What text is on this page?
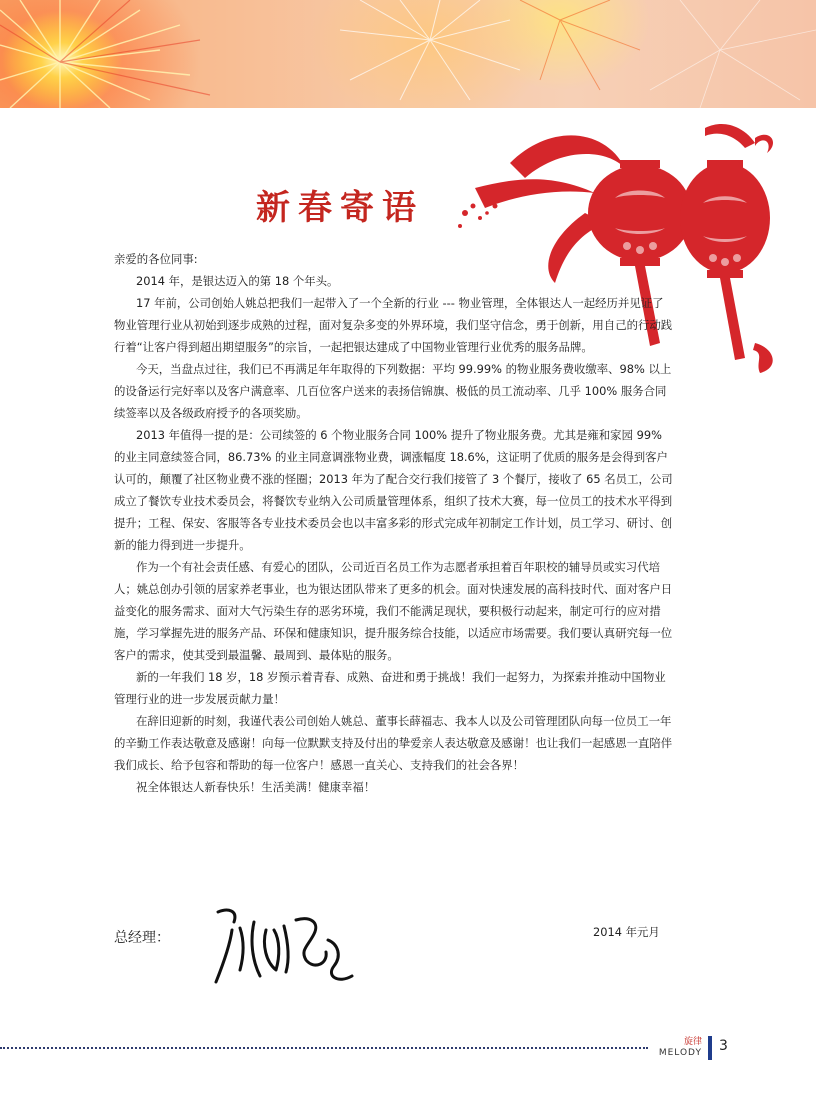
新春寄语

亲爱的各位同事:

2014 年，是银达迈入的第 18 个年头。

17 年前，公司创始人姚总把我们一起带入了一个全新的行业 --- 物业管理，全体银达人一起经历并见证了物业管理行业从初始到逐步成熟的过程，面对复杂多变的外界环境，我们坚守信念，勇于创新，用自己的行动践行着“让客户得到超出期望服务”的宗旨，一起把银达建成了中国物业管理行业优秀的服务品牌。

今天，当盘点过往，我们已不再满足年年取得的下列数据：平均 99.99% 的物业服务费收缴率、98% 以上的设备运行完好率以及客户满意率、几百位客户送来的表扬信锦旗、极低的员工流动率、几乎 100% 服务合同续签率以及各级政府授予的各项奖励。

2013 年值得一提的是：公司续签的 6 个物业服务合同 100% 提升了物业服务费。尤其是雍和家园 99% 的业主同意续签合同，86.73% 的业主同意调涨物业费，调涨幅度 18.6%，这证明了优质的服务是会得到客户认可的，颠覆了社区物业费不涨的怪圈；2013 年为了配合交行我们接管了 3 个餐厅，接收了 65 名员工，公司成立了餐饮专业技术委员会，将餐饮专业纳入公司质量管理体系，组织了技术大赛，每一位员工的技术水平得到提升；工程、保安、客服等各专业技术委员会也以丰富多彩的形式完成年初制定工作计划，员工学习、研讨、创新的能力得到进一步提升。

作为一个有社会责任感、有爱心的团队，公司近百名员工作为志愿者承担着百年职校的辅导员或实习代培人；姚总创办引领的居家养老事业，也为银达团队带来了更多的机会。面对快速发展的高科技时代、面对客户日益变化的服务需求、面对大气污染生存的恶劣环境，我们不能满足现状，要积极行动起来，制定可行的应对措施，学习掌握先进的服务产品、环保和健康知识，提升服务综合技能，以适应市场需要。我们要认真研究每一位客户的需求，使其受到最温馨、最周到、最体贴的服务。

新的一年我们 18 岁，18 岁预示着青春、成熟、奋进和勇于挑战！我们一起努力，为探索并推动中国物业管理行业的进一步发展贡献力量！

在辞旧迎新的时刻，我谨代表公司创始人姚总、董事长薛福志、我本人以及公司管理团队向每一位员工一年的辛勤工作表达敬意及感谢！向每一位默默支持及付出的挚爱亲人表达敬意及感谢！也让我们一起感恩一直陪伴我们成长、给予包容和帮助的每一位客户！感恩一直关心、支持我们的社会各界！

祝全体银达人新春快乐！生活美满！健康幸福！

总经理：	2014 年元月
旋律
MELODY 3
